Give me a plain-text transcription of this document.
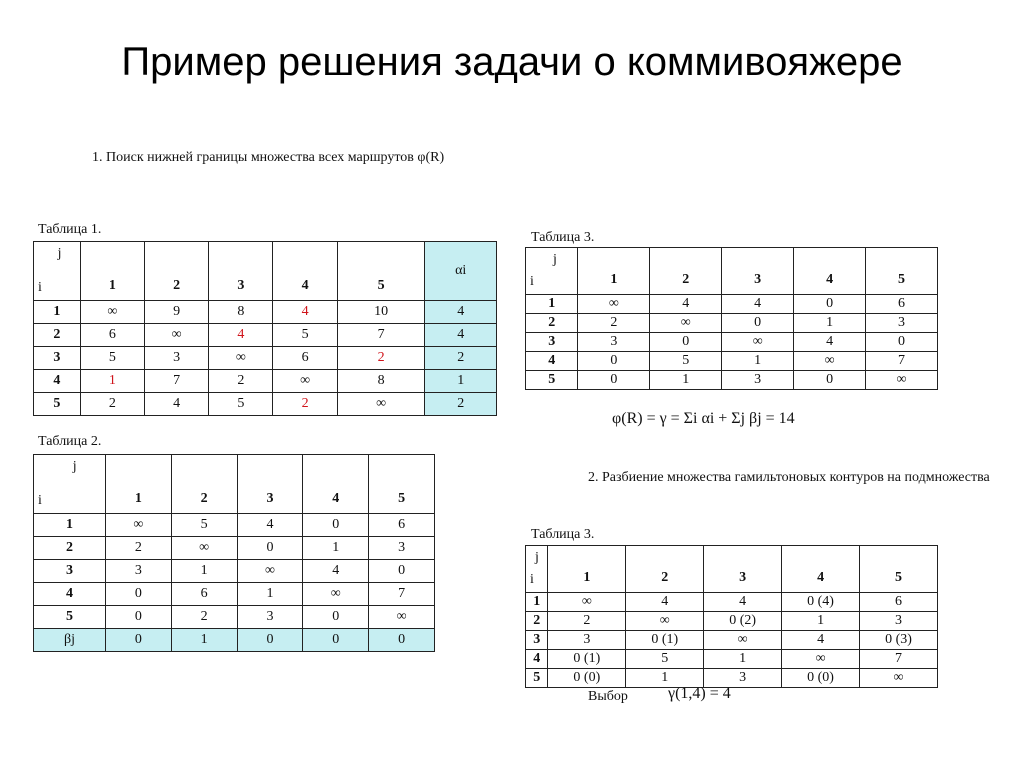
Пример решения задачи о коммивояжере
1. Поиск нижней границы множества всех маршрутов φ(R)
2. Разбиение множества гамильтоновых контуров на подмножества
Таблица 1.
j
i	1	2	3	4	5	αi
1	∞	9	8	4	10	4
2	6	∞	4	5	7	4
3	5	3	∞	6	2	2
4	1	7	2	∞	8	1
5	2	4	5	2	∞	2
Таблица 2.
j
i	1	2	3	4	5
1	∞	5	4	0	6
2	2	∞	0	1	3
3	3	1	∞	4	0
4	0	6	1	∞	7
5	0	2	3	0	∞
βj	0	1	0	0	0
Таблица 3.
j
i	1	2	3	4	5
1	∞	4	4	0	6
2	2	∞	0	1	3
3	3	0	∞	4	0
4	0	5	1	∞	7
5	0	1	3	0	∞
φ(R) = γ = Σi αi + Σj βj = 14
Таблица 3.
j
i	1	2	3	4	5
1	∞	4	4	0 (4)	6
2	2	∞	0 (2)	1	3
3	3	0 (1)	∞	4	0 (3)
4	0 (1)	5	1	∞	7
5	0 (0)	1	3	0 (0)	∞
Выбор	γ(1,4) = 4
